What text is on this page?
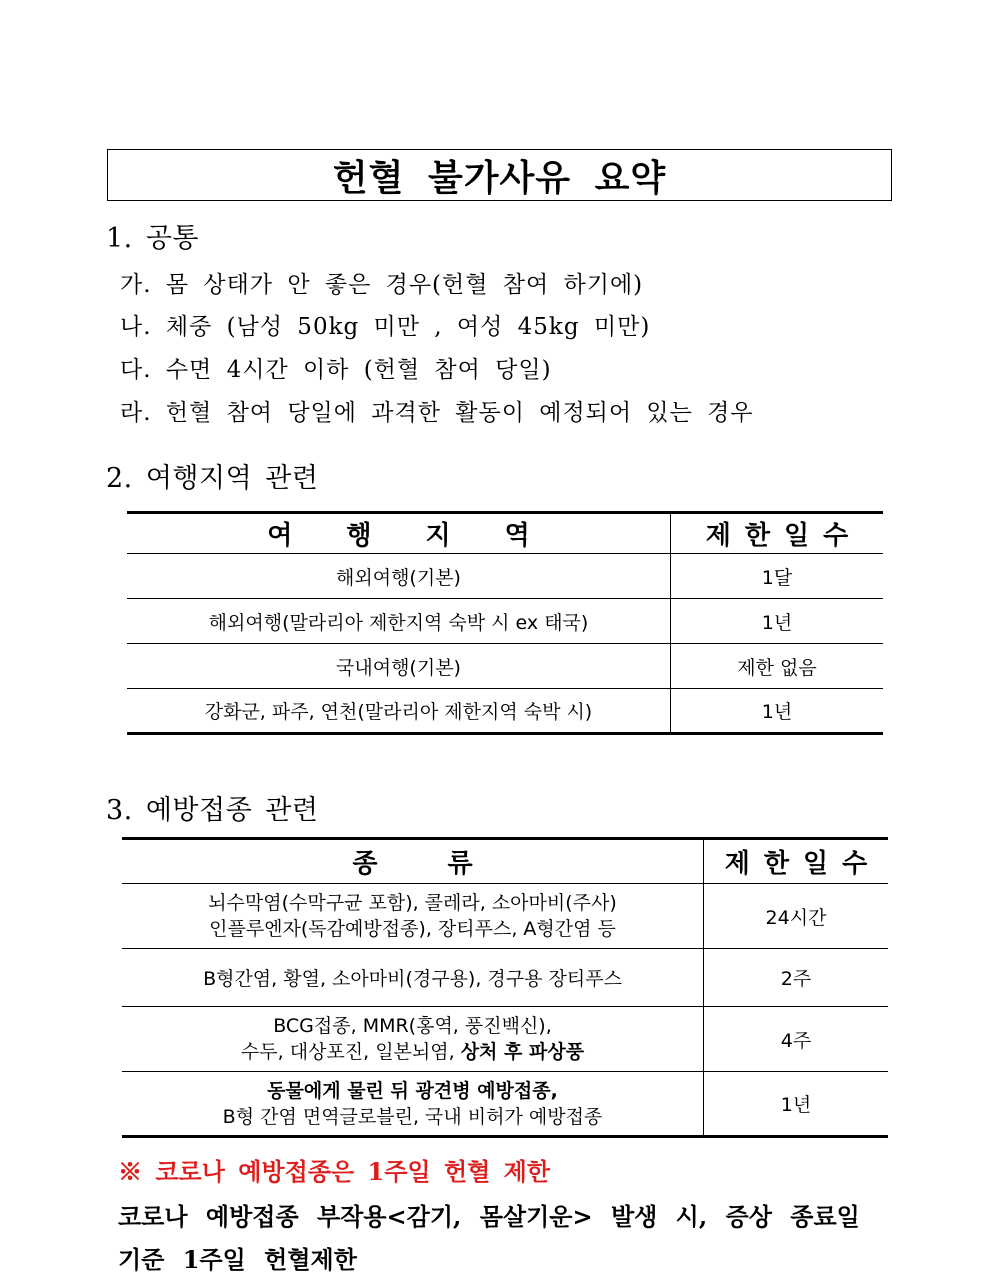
헌혈 불가사유 요약
1. 공통
가. 몸 상태가 안 좋은 경우(헌혈 참여 하기에)
나. 체중 (남성 50kg 미만 , 여성 45kg 미만)
다. 수면 4시간 이하 (헌혈 참여 당일)
라. 헌혈 참여 당일에 과격한 활동이 예정되어 있는 경우
2. 여행지역 관련
여행지역	제한일수
해외여행(기본)	1달
해외여행(말라리아 제한지역 숙박 시 ex 태국)	1년
국내여행(기본)	제한 없음
강화군, 파주, 연천(말라리아 제한지역 숙박 시)	1년
3. 예방접종 관련
종류	제한일수

뇌수막염(수막구균 포함), 콜레라, 소아마비(주사)
인플루엔자(독감예방접종), 장티푸스, A형간염 등	24시간

B형간염, 황열, 소아마비(경구용), 경구용 장티푸스	2주

BCG접종, MMR(홍역, 풍진백신),
수두, 대상포진, 일본뇌염, 상처 후 파상풍	4주

동물에게 물린 뒤 광견병 예방접종,
B형 간염 면역글로블린, 국내 비허가 예방접종	1년
※ 코로나 예방접종은 1주일 헌혈 제한
코로나 예방접종 부작용<감기, 몸살기운> 발생 시, 증상 종료일
기준 1주일 헌혈제한
